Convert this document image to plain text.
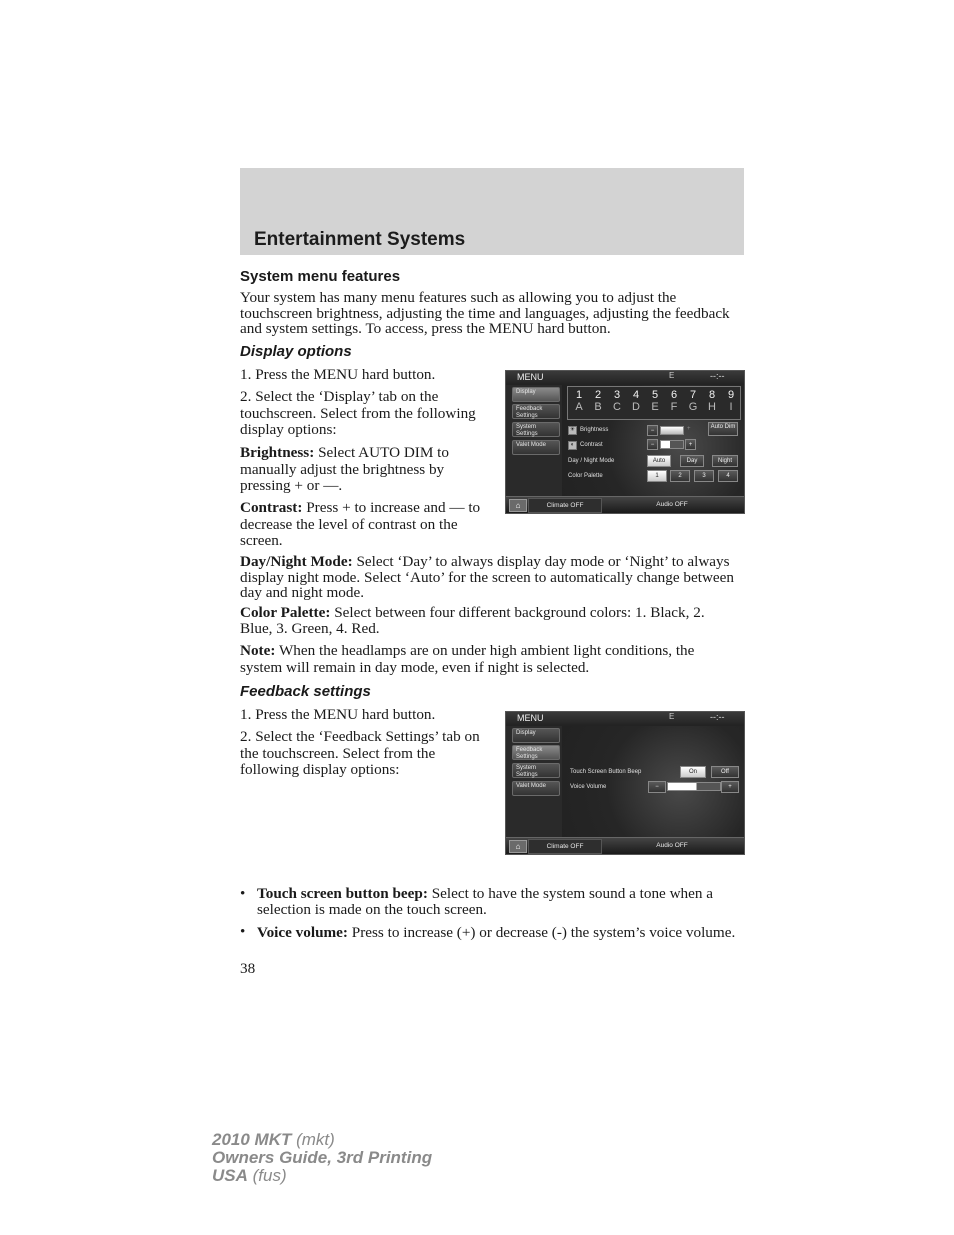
Entertainment Systems
System menu features

Your system has many menu features such as allowing you to adjust the touchscreen brightness, adjusting the time and languages, adjusting the feedback and system settings. To access, press the MENU hard button.

Display options

1. Press the MENU hard button.

2. Select the ‘Display’ tab on the touchscreen. Select from the following display options:

Brightness: Select AUTO DIM to manually adjust the brightness by pressing + or —.

Contrast: Press + to increase and — to decrease the level of contrast on the screen.

Day/Night Mode: Select ‘Day’ to always display day mode or ‘Night’ to always display night mode. Select ‘Auto’ for the screen to automatically change between day and night mode.

Color Palette: Select between four different background colors: 1. Black, 2. Blue, 3. Green, 4. Red.

Note: When the headlamps are on under high ambient light conditions, the system will remain in day mode, even if night is selected.

MENU	E	--:--
Display
Feedback Settings
System Settings
Valet Mode
1
A
2
B
3
C
4
D
5
E
6
F
7
G
8
H
9
I
☀ Brightness	−	+	Auto Dim
◐ Contrast	−	+
Day / Night Mode	Auto	Day	Night
Color Palette	1	2	3	4
⌂	Climate OFF	Audio OFF
Feedback settings

1. Press the MENU hard button.

2. Select the ‘Feedback Settings’ tab on the touchscreen. Select from the following display options:

MENU	E	--:--
Display
Feedback Settings
System Settings
Valet Mode
Touch Screen Button Beep	On	Off
Voice Volume	−	+
⌂	Climate OFF	Audio OFF
• Touch screen button beep: Select to have the system sound a tone when a selection is made on the touch screen.
• Voice volume: Press to increase (+) or decrease (-) the system’s voice volume.
38
2010 MKT (mkt)
Owners Guide, 3rd Printing
USA (fus)
